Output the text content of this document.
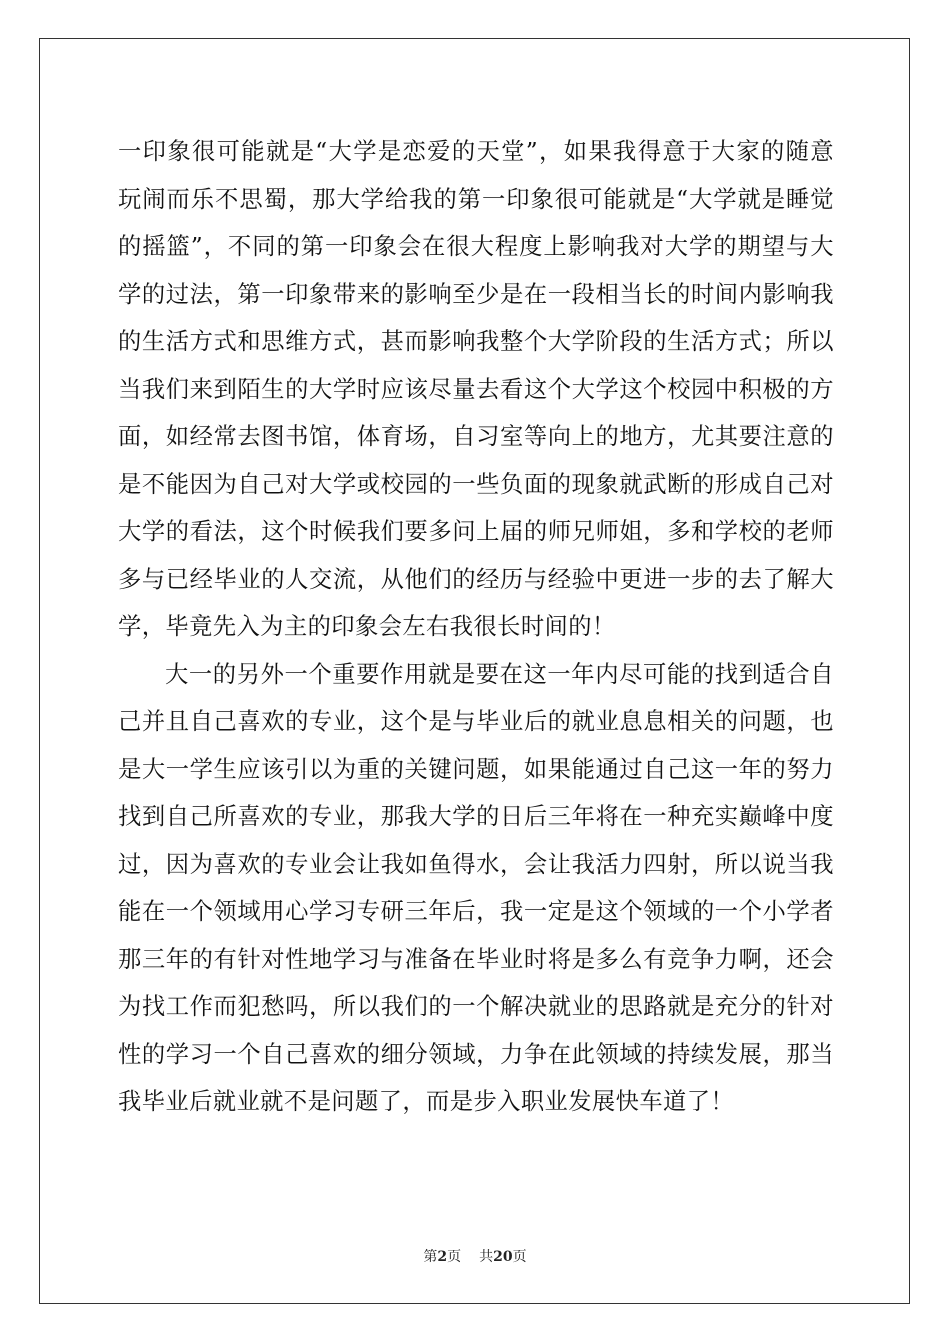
一印象很可能就是“大学是恋爱的天堂”，如果我得意于大家的随意
玩闹而乐不思蜀，那大学给我的第一印象很可能就是“大学就是睡觉
的摇篮”，不同的第一印象会在很大程度上影响我对大学的期望与大
学的过法，第一印象带来的影响至少是在一段相当长的时间内影响我
的生活方式和思维方式，甚而影响我整个大学阶段的生活方式；所以
当我们来到陌生的大学时应该尽量去看这个大学这个校园中积极的方
面，如经常去图书馆，体育场，自习室等向上的地方，尤其要注意的
是不能因为自己对大学或校园的一些负面的现象就武断的形成自己对
大学的看法，这个时候我们要多问上届的师兄师姐，多和学校的老师
多与已经毕业的人交流，从他们的经历与经验中更进一步的去了解大
学，毕竟先入为主的印象会左右我很长时间的！
大一的另外一个重要作用就是要在这一年内尽可能的找到适合自
己并且自己喜欢的专业，这个是与毕业后的就业息息相关的问题，也
是大一学生应该引以为重的关键问题，如果能通过自己这一年的努力
找到自己所喜欢的专业，那我大学的日后三年将在一种充实巅峰中度
过，因为喜欢的专业会让我如鱼得水，会让我活力四射，所以说当我
能在一个领域用心学习专研三年后，我一定是这个领域的一个小学者
那三年的有针对性地学习与准备在毕业时将是多么有竞争力啊，还会
为找工作而犯愁吗，所以我们的一个解决就业的思路就是充分的针对
性的学习一个自己喜欢的细分领域，力争在此领域的持续发展，那当
我毕业后就业就不是问题了，而是步入职业发展快车道了！
第2页 共20页
